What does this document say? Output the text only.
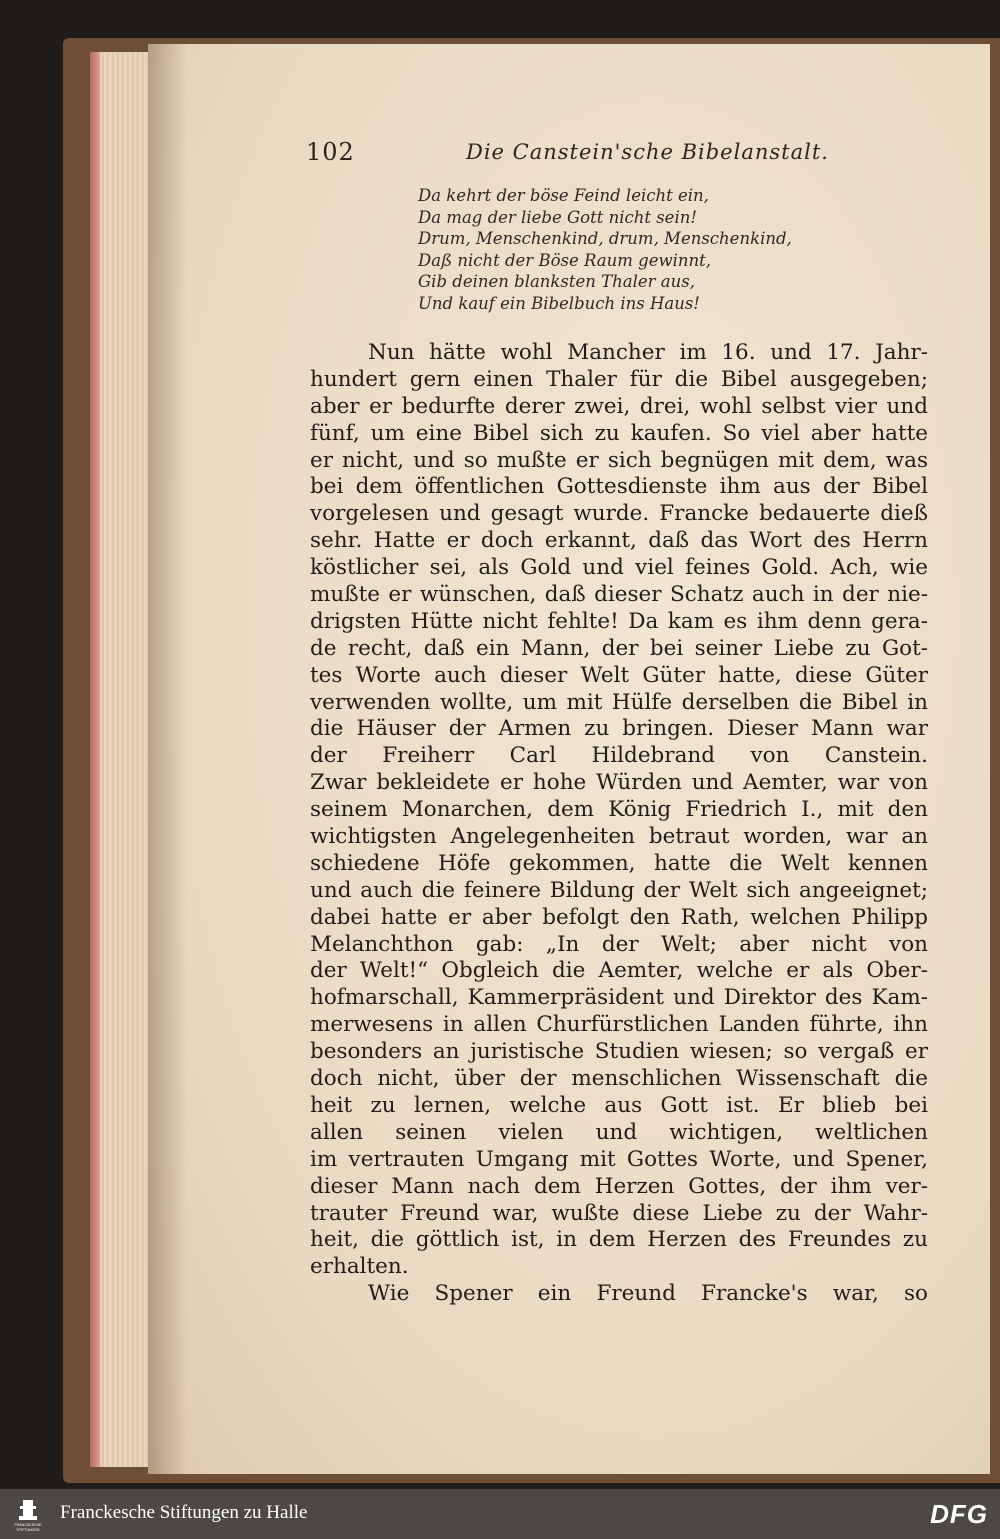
102	Die Canstein'sche Bibelanstalt.
Da kehrt der böse Feind leicht ein,
Da mag der liebe Gott nicht sein!
Drum, Menschenkind, drum, Menschenkind,
Daß nicht der Böse Raum gewinnt,
Gib deinen blanksten Thaler aus,
Und kauf ein Bibelbuch ins Haus!
Nun hätte wohl Mancher im 16. und 17. Jahr-
hundert gern einen Thaler für die Bibel ausgegeben;
aber er bedurfte derer zwei, drei, wohl selbst vier und
fünf, um eine Bibel sich zu kaufen. So viel aber hatte
er nicht, und so mußte er sich begnügen mit dem, was
bei dem öffentlichen Gottesdienste ihm aus der Bibel
vorgelesen und gesagt wurde. Francke bedauerte dieß
sehr. Hatte er doch erkannt, daß das Wort des Herrn
köstlicher sei, als Gold und viel feines Gold. Ach, wie
mußte er wünschen, daß dieser Schatz auch in der nie-
drigsten Hütte nicht fehlte! Da kam es ihm denn gera-
de recht, daß ein Mann, der bei seiner Liebe zu Got-
tes Worte auch dieser Welt Güter hatte, diese Güter
verwenden wollte, um mit Hülfe derselben die Bibel in
die Häuser der Armen zu bringen. Dieser Mann war
der Freiherr Carl Hildebrand von Canstein.
Zwar bekleidete er hohe Würden und Aemter, war von
seinem Monarchen, dem König Friedrich I., mit den
wichtigsten Angelegenheiten betraut worden, war an
schiedene Höfe gekommen, hatte die Welt kennen
und auch die feinere Bildung der Welt sich angeeignet;
dabei hatte er aber befolgt den Rath, welchen Philipp
Melanchthon gab: „In der Welt; aber nicht von
der Welt!“ Obgleich die Aemter, welche er als Ober-
hofmarschall, Kammerpräsident und Direktor des Kam-
merwesens in allen Churfürstlichen Landen führte, ihn
besonders an juristische Studien wiesen; so vergaß er
doch nicht, über der menschlichen Wissenschaft die
heit zu lernen, welche aus Gott ist. Er blieb bei
allen seinen vielen und wichtigen, weltlichen
im vertrauten Umgang mit Gottes Worte, und Spener,
dieser Mann nach dem Herzen Gottes, der ihm ver-
trauter Freund war, wußte diese Liebe zu der Wahr-
heit, die göttlich ist, in dem Herzen des Freundes zu
erhalten.
Wie Spener ein Freund Francke's war, so
FRANCKESCHE
STIFTUNGEN
Franckesche Stiftungen zu Halle	DFG
